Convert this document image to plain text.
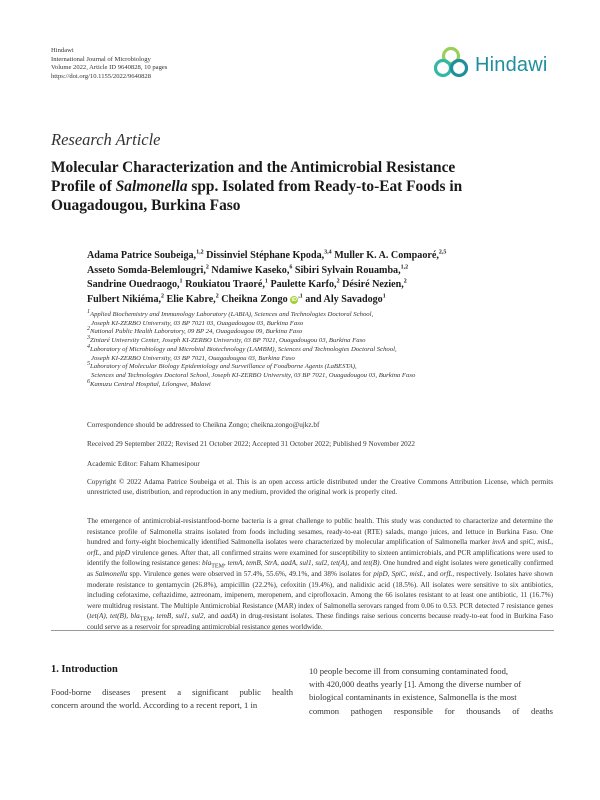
Hindawi
International Journal of Microbiology
Volume 2022, Article ID 9640828, 10 pages
https://doi.org/10.1155/2022/9640828
Hindawi
Research Article
Molecular Characterization and the Antimicrobial Resistance
Profile of Salmonella spp. Isolated from Ready-to-Eat Foods in
Ouagadougou, Burkina Faso
Adama Patrice Soubeiga,$^{1,2}$ Dissinviel Stéphane Kpoda,$^{3,4}$ Muller K. A. Compaoré,$^{2,5}$
Asseto Somda-Belemlougri,$^2$ Ndamiwe Kaseko,$^6$ Sibiri Sylvain Rouamba,$^{1,2}$
Sandrine Ouedraogo,$^1$ Roukiatou Traoré,$^1$ Paulette Karfo,$^2$ Désiré Nezien,$^2$
Fulbert Nikiéma,$^2$ Elie Kabre,$^2$ Cheikna Zongo $iD^{,1}$ and Aly Savadogo$^1$
$^1$Applied Biochemistry and Immunology Laboratory (LABIA), Sciences and Technologies Doctoral School,
Joseph KI-ZERBO University, 03 BP 7021 03, Ouagadougou 03, Burkina Faso
$^2$National Public Health Laboratory, 09 BP 24, Ouagadougou 09, Burkina Faso
$^3$Ziniaré University Center, Joseph KI-ZERBO University, 03 BP 7021, Ouagadougou 03, Burkina Faso
$^4$Laboratory of Microbiology and Microbial Biotechnology (LAMBM), Sciences and Technologies Doctoral School,
Joseph KI-ZERBO University, 03 BP 7021, Ouagadougou 03, Burkina Faso
$^5$Laboratory of Molecular Biology Epidemiology and Surveillance of Foodborne Agents (LaBESTA),
Sciences and Technologies Doctoral School, Joseph KI-ZERBO University, 03 BP 7021, Ouagadougou 03, Burkina Faso
$^6$Kamuzu Central Hospital, Lilongwe, Malawi
Correspondence should be addressed to Cheikna Zongo; cheikna.zongo@ujkz.bf
Received 29 September 2022; Revised 21 October 2022; Accepted 31 October 2022; Published 9 November 2022
Academic Editor: Faham Khamesipour
Copyright © 2022 Adama Patrice Soubeiga et al. This is an open access article distributed under the Creative Commons Attribution License, which permits unrestricted use, distribution, and reproduction in any medium, provided the original work is properly cited.
The emergence of antimicrobial-resistantfood-borne bacteria is a great challenge to public health. This study was conducted to characterize and determine the resistance profile of Salmonella strains isolated from foods including sesames, ready-to-eat (RTE) salads, mango juices, and lettuce in Burkina Faso. One hundred and forty-eight biochemically identified Salmonella isolates were characterized by molecular amplification of Salmonella marker invA and spiC, misL, orfL, and pipD virulence genes. After that, all confirmed strains were examined for susceptibility to sixteen antimicrobials, and PCR amplifications were used to identify the following resistance genes: bla$_{TEM}$, temA, temB, StrA, aadA, sul1, sul2, tet(A), and tet(B). One hundred and eight isolates were genetically confirmed as Salmonella spp. Virulence genes were observed in 57.4%, 55.6%, 49.1%, and 38% isolates for pipD, SpiC, misL, and orfL, respectively. Isolates have shown moderate resistance to gentamycin (26.8%), ampicillin (22.2%), cefoxitin (19.4%), and nalidixic acid (18.5%). All isolates were sensitive to six antibiotics, including cefotaxime, ceftazidime, aztreonam, imipenem, meropenem, and ciprofloxacin. Among the 66 isolates resistant to at least one antibiotic, 11 (16.7%) were multidrug resistant. The Multiple Antimicrobial Resistance (MAR) index of Salmonella serovars ranged from 0.06 to 0.53. PCR detected 7 resistance genes (tet(A), tet(B), bla$_{TEM}$, temB, sul1, sul2, and aadA) in drug-resistant isolates. These findings raise serious concerns because ready-to-eat food in Burkina Faso could serve as a reservoir for spreading antimicrobial resistance genes worldwide.
1. Introduction
Food-borne diseases present a significant public health
concern around the world. According to a recent report, 1 in
10 people become ill from consuming contaminated food,
with 420,000 deaths yearly [1]. Among the diverse number of
biological contaminants in existence, Salmonella is the most
common pathogen responsible for thousands of deaths
